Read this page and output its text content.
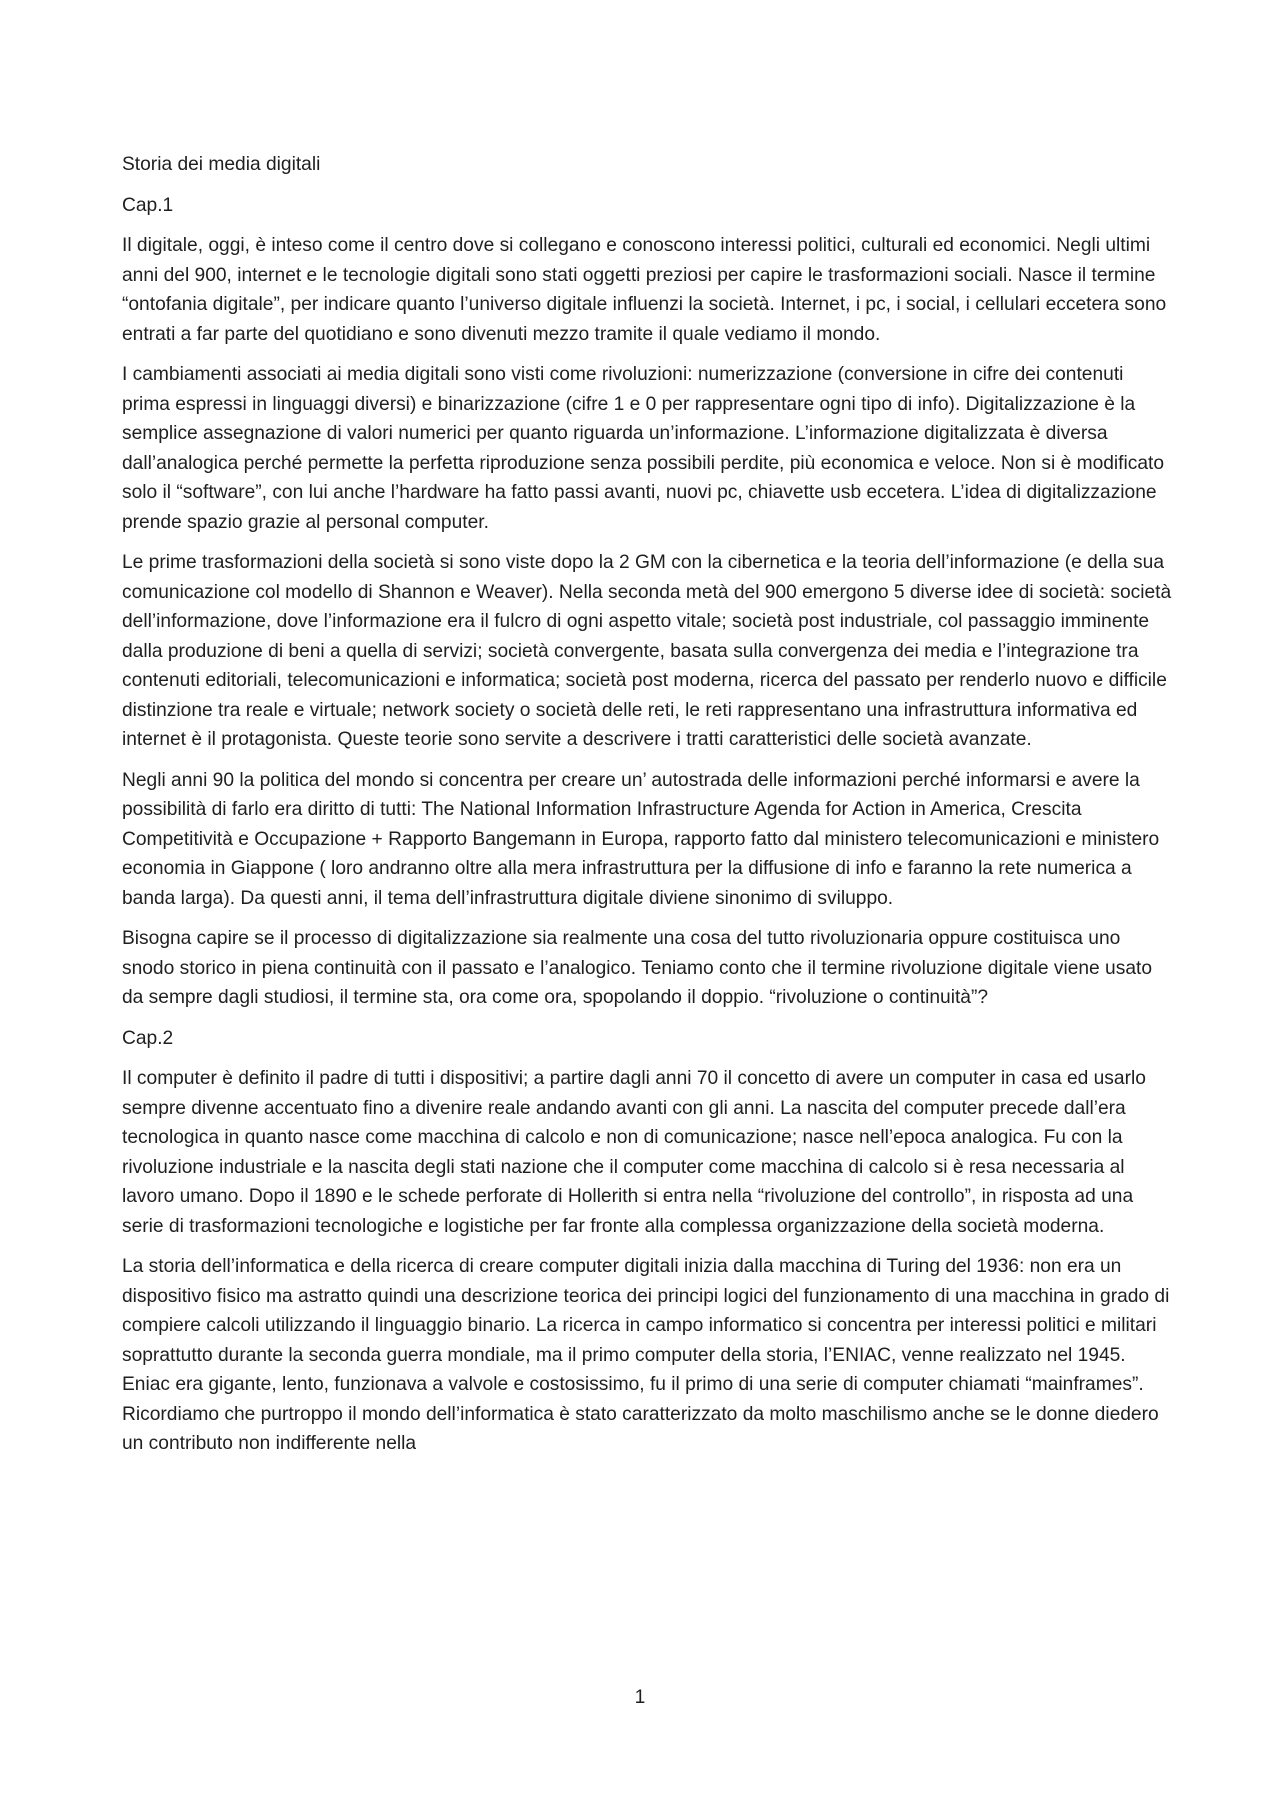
Storia dei media digitali

Cap.1

Il digitale, oggi, è inteso come il centro dove si collegano e conoscono interessi politici, culturali ed economici. Negli ultimi anni del 900, internet e le tecnologie digitali sono stati oggetti preziosi per capire le trasformazioni sociali. Nasce il termine “ontofania digitale”, per indicare quanto l’universo digitale influenzi la società. Internet, i pc, i social, i cellulari eccetera sono entrati a far parte del quotidiano e sono divenuti mezzo tramite il quale vediamo il mondo.

I cambiamenti associati ai media digitali sono visti come rivoluzioni: numerizzazione (conversione in cifre dei contenuti prima espressi in linguaggi diversi) e binarizzazione (cifre 1 e 0 per rappresentare ogni tipo di info). Digitalizzazione è la semplice assegnazione di valori numerici per quanto riguarda un’informazione. L’informazione digitalizzata è diversa dall’analogica perché permette la perfetta riproduzione senza possibili perdite, più economica e veloce. Non si è modificato solo il “software”, con lui anche l’hardware ha fatto passi avanti, nuovi pc, chiavette usb eccetera. L’idea di digitalizzazione prende spazio grazie al personal computer.

Le prime trasformazioni della società si sono viste dopo la 2 GM con la cibernetica e la teoria dell’informazione (e della sua comunicazione col modello di Shannon e Weaver). Nella seconda metà del 900 emergono 5 diverse idee di società: società dell’informazione, dove l’informazione era il fulcro di ogni aspetto vitale; società post industriale, col passaggio imminente dalla produzione di beni a quella di servizi; società convergente, basata sulla convergenza dei media e l’integrazione tra contenuti editoriali, telecomunicazioni e informatica; società post moderna, ricerca del passato per renderlo nuovo e difficile distinzione tra reale e virtuale; network society o società delle reti, le reti rappresentano una infrastruttura informativa ed internet è il protagonista. Queste teorie sono servite a descrivere i tratti caratteristici delle società avanzate.

Negli anni 90 la politica del mondo si concentra per creare un’ autostrada delle informazioni perché informarsi e avere la possibilità di farlo era diritto di tutti: The National Information Infrastructure Agenda for Action in America, Crescita Competitività e Occupazione + Rapporto Bangemann in Europa, rapporto fatto dal ministero telecomunicazioni e ministero economia in Giappone ( loro andranno oltre alla mera infrastruttura per la diffusione di info e faranno la rete numerica a banda larga). Da questi anni, il tema dell’infrastruttura digitale diviene sinonimo di sviluppo.

Bisogna capire se il processo di digitalizzazione sia realmente una cosa del tutto rivoluzionaria oppure costituisca uno snodo storico in piena continuità con il passato e l’analogico. Teniamo conto che il termine rivoluzione digitale viene usato da sempre dagli studiosi, il termine sta, ora come ora, spopolando il doppio. “rivoluzione o continuità”?

Cap.2

Il computer è definito il padre di tutti i dispositivi; a partire dagli anni 70 il concetto di avere un computer in casa ed usarlo sempre divenne accentuato fino a divenire reale andando avanti con gli anni. La nascita del computer precede dall’era tecnologica in quanto nasce come macchina di calcolo e non di comunicazione; nasce nell’epoca analogica. Fu con la rivoluzione industriale e la nascita degli stati nazione che il computer come macchina di calcolo si è resa necessaria al lavoro umano. Dopo il 1890 e le schede perforate di Hollerith si entra nella “rivoluzione del controllo”, in risposta ad una serie di trasformazioni tecnologiche e logistiche per far fronte alla complessa organizzazione della società moderna.

La storia dell’informatica e della ricerca di creare computer digitali inizia dalla macchina di Turing del 1936: non era un dispositivo fisico ma astratto quindi una descrizione teorica dei principi logici del funzionamento di una macchina in grado di compiere calcoli utilizzando il linguaggio binario. La ricerca in campo informatico si concentra per interessi politici e militari soprattutto durante la seconda guerra mondiale, ma il primo computer della storia, l’ENIAC, venne realizzato nel 1945. Eniac era gigante, lento, funzionava a valvole e costosissimo, fu il primo di una serie di computer chiamati “mainframes”. Ricordiamo che purtroppo il mondo dell’informatica è stato caratterizzato da molto maschilismo anche se le donne diedero un contributo non indifferente nella

1
